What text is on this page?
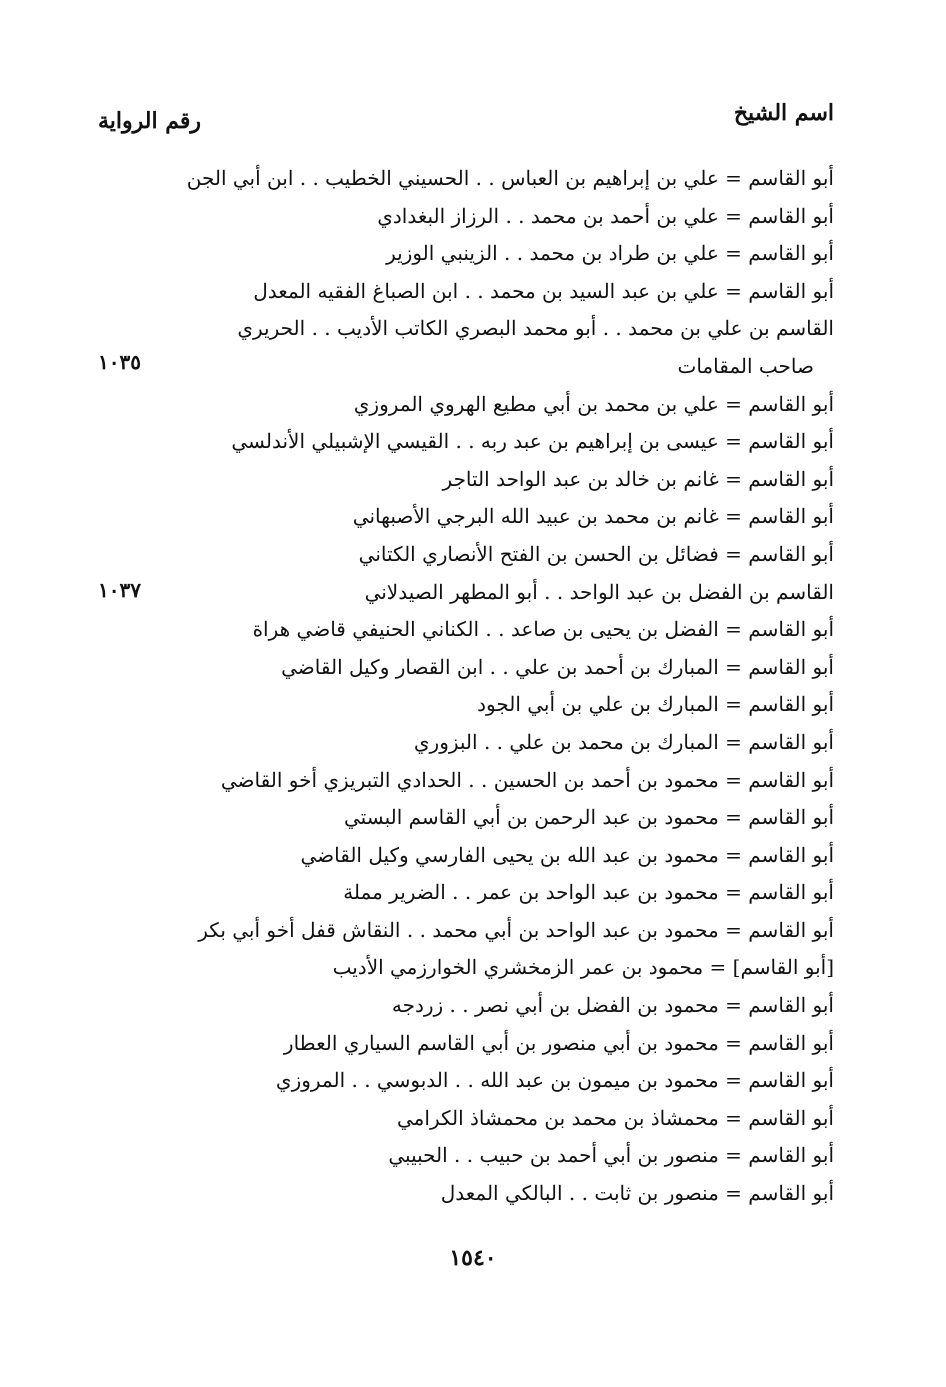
اسم الشيخ
رقم الرواية
أبو القاسم = علي بن إبراهيم بن العباس . . الحسيني الخطيب . . ابن أبي الجن
أبو القاسم = علي بن أحمد بن محمد . . الرزاز البغدادي
أبو القاسم = علي بن طراد بن محمد . . الزينبي الوزير
أبو القاسم = علي بن عبد السيد بن محمد . . ابن الصباغ الفقيه المعدل
القاسم بن علي بن محمد . . أبو محمد البصري الكاتب الأديب . . الحريري
صاحب المقامات
أبو القاسم = علي بن محمد بن أبي مطيع الهروي المروزي
أبو القاسم = عيسى بن إبراهيم بن عبد ربه . . القيسي الإشبيلي الأندلسي
أبو القاسم = غانم بن خالد بن عبد الواحد التاجر
أبو القاسم = غانم بن محمد بن عبيد الله البرجي الأصبهاني
أبو القاسم = فضائل بن الحسن بن الفتح الأنصاري الكتاني
القاسم بن الفضل بن عبد الواحد . . أبو المطهر الصيدلاني
أبو القاسم = الفضل بن يحيى بن صاعد . . الكناني الحنيفي قاضي هراة
أبو القاسم = المبارك بن أحمد بن علي . . ابن القصار وكيل القاضي
أبو القاسم = المبارك بن علي بن أبي الجود
أبو القاسم = المبارك بن محمد بن علي . . البزوري
أبو القاسم = محمود بن أحمد بن الحسين . . الحدادي التبريزي أخو القاضي
أبو القاسم = محمود بن عبد الرحمن بن أبي القاسم البستي
أبو القاسم = محمود بن عبد الله بن يحيى الفارسي وكيل القاضي
أبو القاسم = محمود بن عبد الواحد بن عمر . . الضرير مملة
أبو القاسم = محمود بن عبد الواحد بن أبي محمد . . النقاش قفل أخو أبي بكر
[أبو القاسم] = محمود بن عمر الزمخشري الخوارزمي الأديب
أبو القاسم = محمود بن الفضل بن أبي نصر . . زردجه
أبو القاسم = محمود بن أبي منصور بن أبي القاسم السياري العطار
أبو القاسم = محمود بن ميمون بن عبد الله . . الدبوسي . . المروزي
أبو القاسم = محمشاذ بن محمد بن محمشاذ الكرامي
أبو القاسم = منصور بن أبي أحمد بن حبيب . . الحبيبي
أبو القاسم = منصور بن ثابت . . البالكي المعدل
١٠٣٥
١٠٣٧
١٥٤٠
